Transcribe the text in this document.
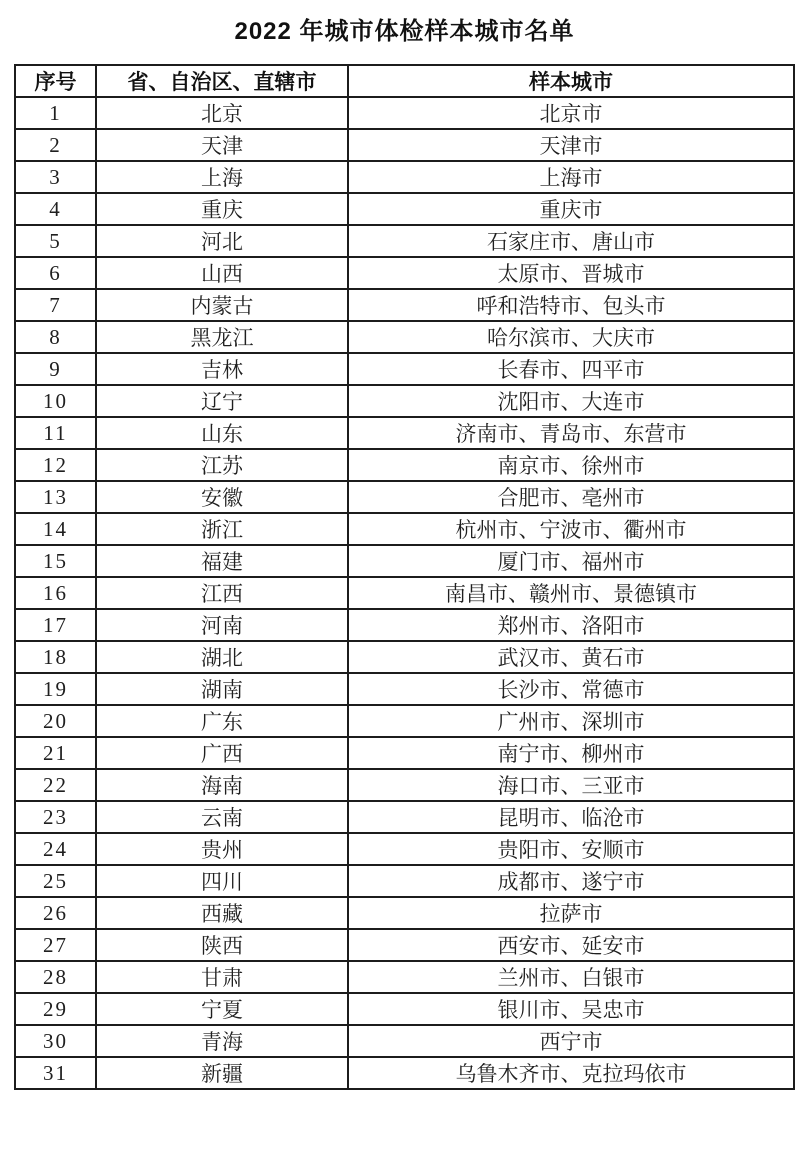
2022 年城市体检样本城市名单
序号	省、自治区、直辖市	样本城市
1	北京	北京市
2	天津	天津市
3	上海	上海市
4	重庆	重庆市
5	河北	石家庄市、唐山市
6	山西	太原市、晋城市
7	内蒙古	呼和浩特市、包头市
8	黑龙江	哈尔滨市、大庆市
9	吉林	长春市、四平市
10	辽宁	沈阳市、大连市
11	山东	济南市、青岛市、东营市
12	江苏	南京市、徐州市
13	安徽	合肥市、亳州市
14	浙江	杭州市、宁波市、衢州市
15	福建	厦门市、福州市
16	江西	南昌市、赣州市、景德镇市
17	河南	郑州市、洛阳市
18	湖北	武汉市、黄石市
19	湖南	长沙市、常德市
20	广东	广州市、深圳市
21	广西	南宁市、柳州市
22	海南	海口市、三亚市
23	云南	昆明市、临沧市
24	贵州	贵阳市、安顺市
25	四川	成都市、遂宁市
26	西藏	拉萨市
27	陕西	西安市、延安市
28	甘肃	兰州市、白银市
29	宁夏	银川市、吴忠市
30	青海	西宁市
31	新疆	乌鲁木齐市、克拉玛依市
